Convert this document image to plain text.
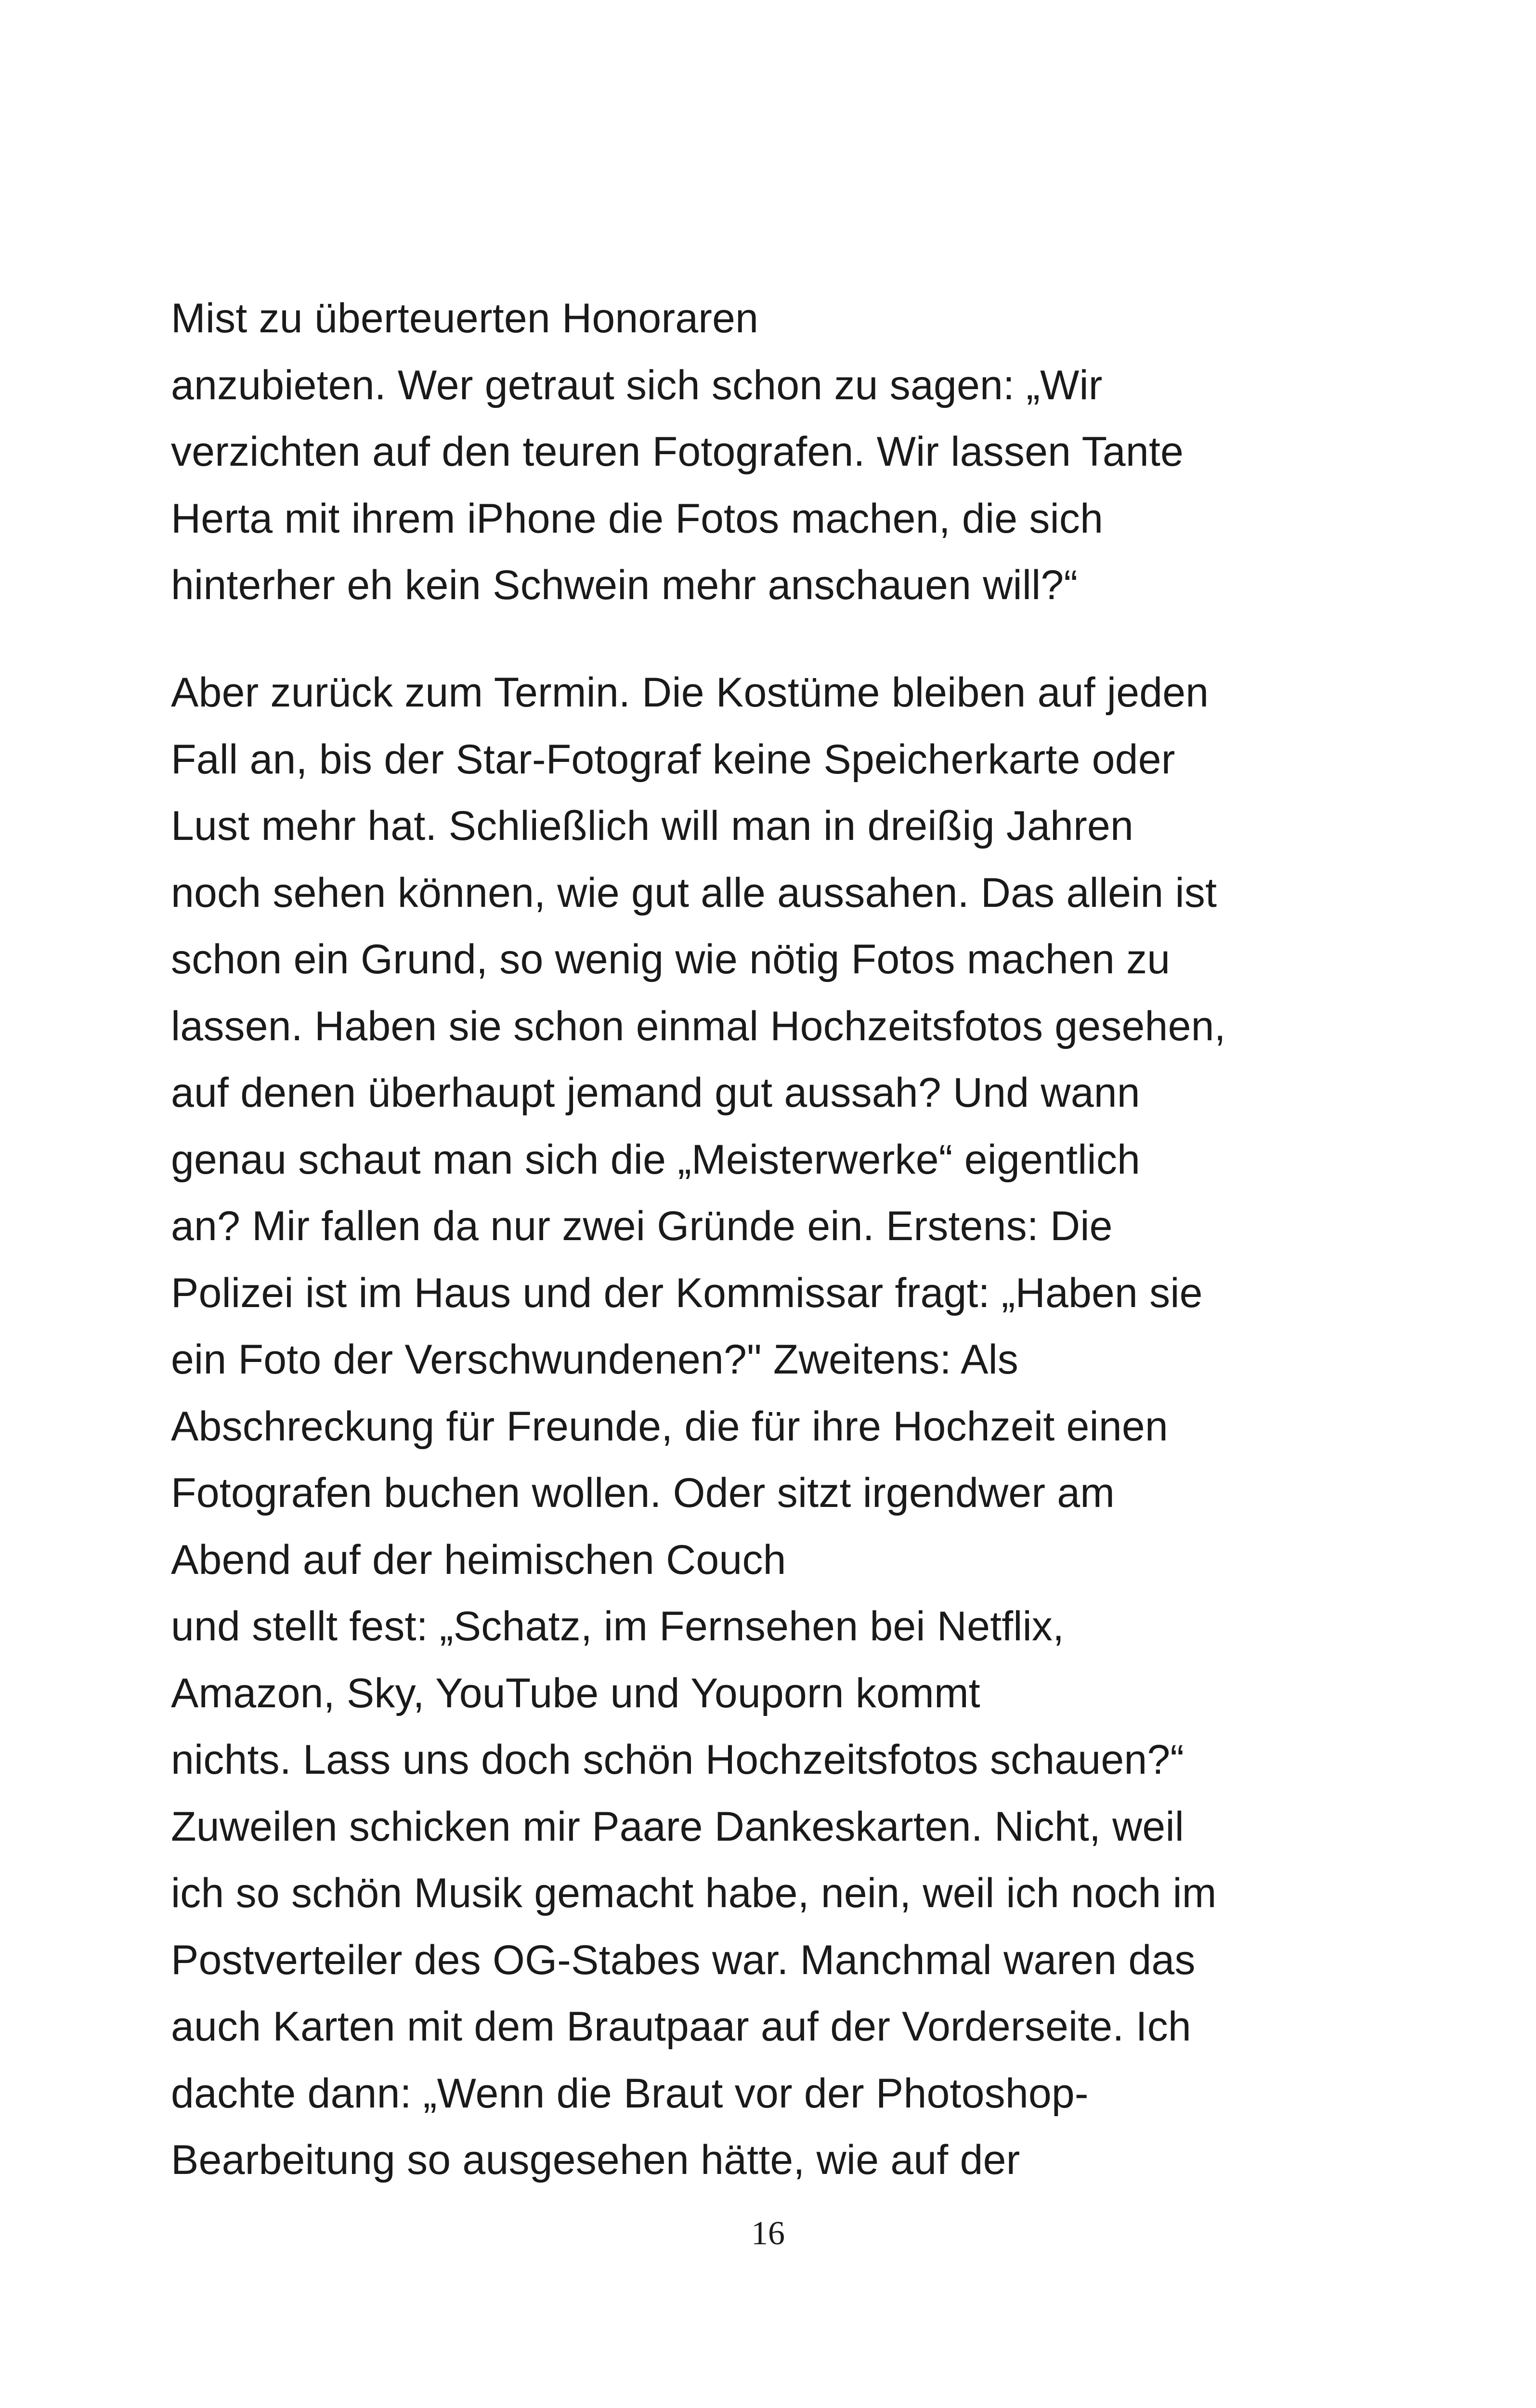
Mist zu überteuerten Honoraren
anzubieten. Wer getraut sich schon zu sagen: „Wir
verzichten auf den teuren Fotografen. Wir lassen Tante
Herta mit ihrem iPhone die Fotos machen, die sich
hinterher eh kein Schwein mehr anschauen will?“
Aber zurück zum Termin. Die Kostüme bleiben auf jeden
Fall an, bis der Star-Fotograf keine Speicherkarte oder
Lust mehr hat. Schließlich will man in dreißig Jahren
noch sehen können, wie gut alle aussahen. Das allein ist
schon ein Grund, so wenig wie nötig Fotos machen zu
lassen. Haben sie schon einmal Hochzeitsfotos gesehen,
auf denen überhaupt jemand gut aussah? Und wann
genau schaut man sich die „Meisterwerke“ eigentlich
an? Mir fallen da nur zwei Gründe ein. Erstens: Die
Polizei ist im Haus und der Kommissar fragt: „Haben sie
ein Foto der Verschwundenen?" Zweitens: Als
Abschreckung für Freunde, die für ihre Hochzeit einen
Fotografen buchen wollen. Oder sitzt irgendwer am
Abend auf der heimischen Couch
und stellt fest: „Schatz, im Fernsehen bei Netflix,
Amazon, Sky, YouTube und Youporn kommt
nichts. Lass uns doch schön Hochzeitsfotos schauen?“
Zuweilen schicken mir Paare Dankeskarten. Nicht, weil
ich so schön Musik gemacht habe, nein, weil ich noch im
Postverteiler des OG-Stabes war. Manchmal waren das
auch Karten mit dem Brautpaar auf der Vorderseite. Ich
dachte dann: „Wenn die Braut vor der Photoshop-
Bearbeitung so ausgesehen hätte, wie auf der
16
